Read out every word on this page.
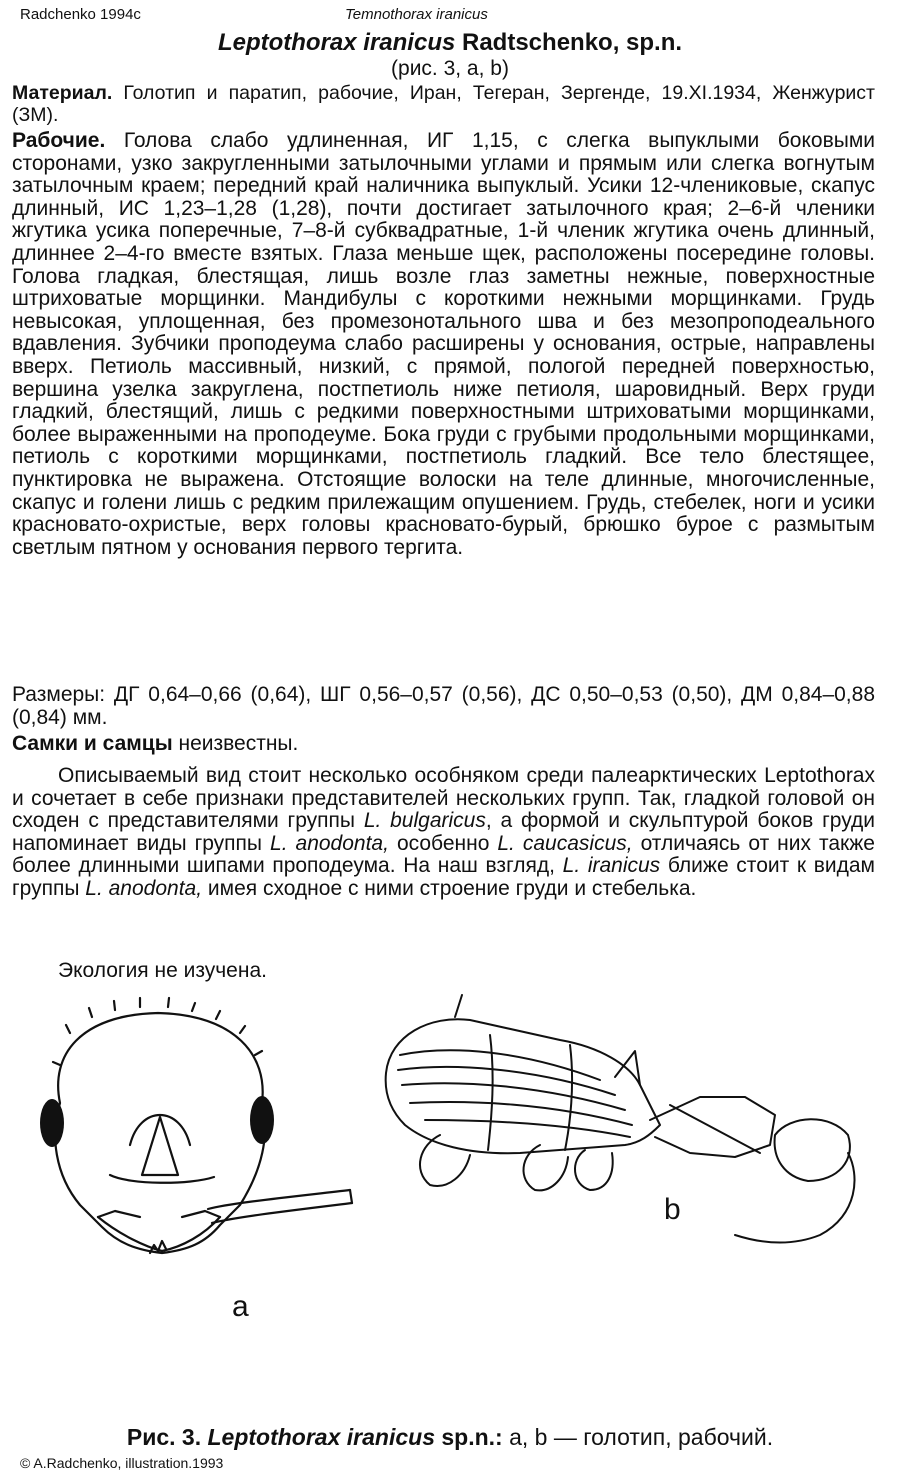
Radchenko 1994c	Temnothorax iranicus
Leptothorax iranicus Radtschenko, sp.n.
(рис. 3, a, b)

Материал. Голотип и паратип, рабочие, Иран, Тегеран, Зергенде, 19.XI.1934, Женжурист (ЗМ).

Рабочие. Голова слабо удлиненная, ИГ 1,15, с слегка выпуклыми боковыми сторонами, узко закругленными затылочными углами и прямым или слегка вогнутым затылочным краем; передний край наличника выпуклый. Усики 12-члениковые, скапус длинный, ИС 1,23–1,28 (1,28), почти достигает затылочного края; 2–6-й членики жгутика усика поперечные, 7–8-й субквадратные, 1-й членик жгутика очень длинный, длиннее 2–4-го вместе взятых. Глаза меньше щек, расположены посередине головы. Голова гладкая, блестящая, лишь возле глаз заметны нежные, поверхностные штриховатые морщинки. Мандибулы с короткими нежными морщинками. Грудь невысокая, уплощенная, без промезонотального шва и без мезопроподеального вдавления. Зубчики проподеума слабо расширены у основания, острые, направлены вверх. Петиоль массивный, низкий, с прямой, пологой передней поверхностью, вершина узелка закруглена, постпетиоль ниже петиоля, шаровидный. Верх груди гладкий, блестящий, лишь с редкими поверхностными штриховатыми морщинками, более выраженными на проподеуме. Бока груди с грубыми продольными морщинками, петиоль с короткими морщинками, постпетиоль гладкий. Все тело блестящее, пунктировка не выражена. Отстоящие волоски на теле длинные, многочисленные, скапус и голени лишь с редким прилежащим опушением. Грудь, стебелек, ноги и усики красновато-охристые, верх головы красновато-бурый, брюшко бурое с размытым светлым пятном у основания первого тергита.

Размеры: ДГ 0,64–0,66 (0,64), ШГ 0,56–0,57 (0,56), ДС 0,50–0,53 (0,50), ДМ 0,84–0,88 (0,84) мм.

Самки и самцы неизвестны.

Описываемый вид стоит несколько особняком среди палеарктических Leptothorax и сочетает в себе признаки представителей нескольких групп. Так, гладкой головой он сходен с представителями группы L. bulgaricus, а формой и скульптурой боков груди напоминает виды группы L. anodonta, особенно L. caucasicus, отличаясь от них также более длинными шипами проподеума. На наш взгляд, L. iranicus ближе стоит к видам группы L. anodonta, имея сходное с ними строение груди и стебелька.

Экология не изучена.

a
b
Рис. 3. Leptothorax iranicus sp.n.: a, b — голотип, рабочий.
© A.Radchenko, illustration.1993
